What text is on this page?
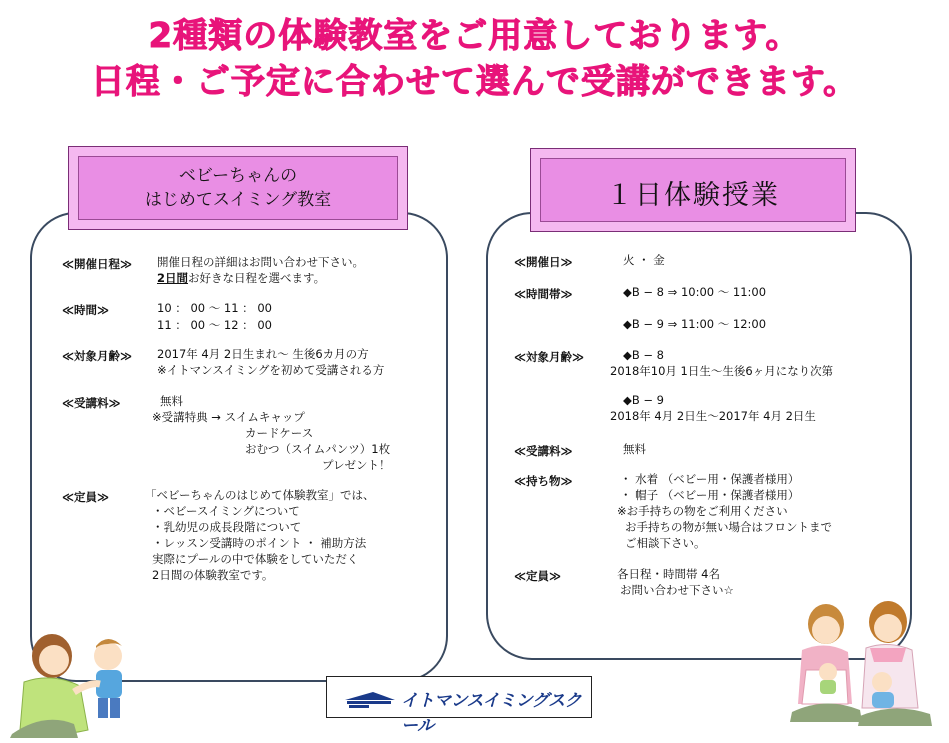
2種類の体験教室をご用意しております。
日程・ご予定に合わせて選んで受講ができます。
ベビーちゃんの
はじめてスイミング教室
≪開催日程≫ 開催日程の詳細はお問い合わせ下さい。
2日間お好きな日程を選べます。
≪時間≫	10 ： 00 〜 11 ： 00
11 ： 00 〜 12 ： 00
≪対象月齢≫ 2017年 4月 2日生まれ〜 生後6カ月の方
※イトマンスイミングを初めて受講される方
≪受講料≫	無料
※受講特典 → スイムキャップ
カードケース
おむつ（スイムパンツ）1枚
プレゼント！
≪定員≫	「ベビーちゃんのはじめて体験教室」では、
・ベビースイミングについて
・乳幼児の成長段階について
・レッスン受講時のポイント ・ 補助方法
実際にプールの中で体験をしていただく
2日間の体験教室です。
１日体験授業
≪開催日≫	火 ・ 金
≪時間帯≫	◆B − 8 ⇒ 10:00 〜 11:00
◆B − 9 ⇒ 11:00 〜 12:00
≪対象月齢≫	◆B − 8
2018年10月 1日生〜生後6ヶ月になり次第
◆B − 9
2018年 4月 2日生〜2017年 4月 2日生
≪受講料≫	無料
≪持ち物≫	・ 水着 （ベビー用・保護者様用）
・ 帽子 （ベビー用・保護者様用）
※お手持ちの物をご利用ください
お手持ちの物が無い場合はフロントまで
ご相談下さい。
≪定員≫	各日程・時間帯 4名
お問い合わせ下さい☆
イトマンスイミングスクール
